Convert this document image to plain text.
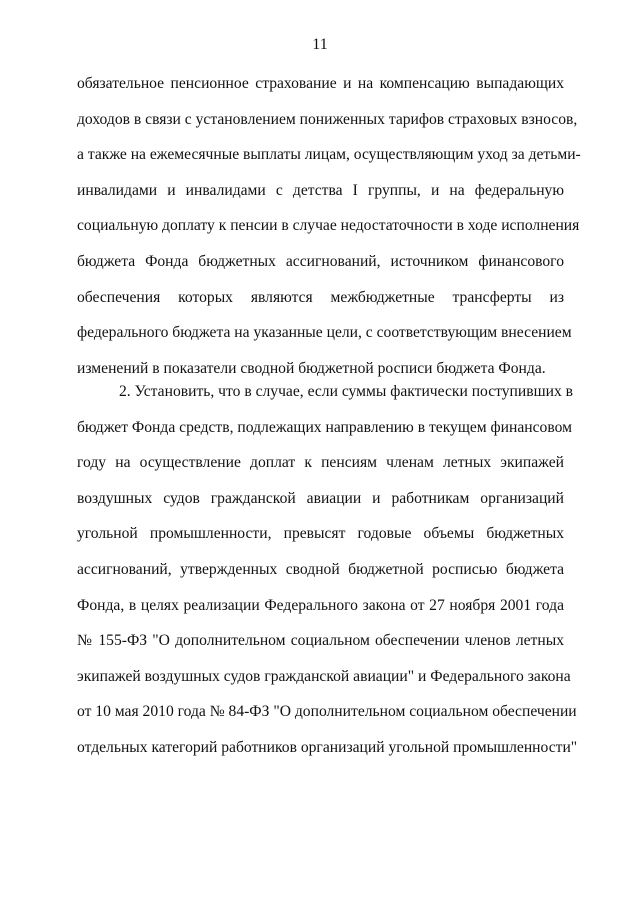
11
обязательное пенсионное страхование и на компенсацию выпадающих
доходов в связи с установлением пониженных тарифов страховых взносов,
а также на ежемесячные выплаты лицам, осуществляющим уход за детьми-
инвалидами и инвалидами с детства I группы, и на федеральную
социальную доплату к пенсии в случае недостаточности в ходе исполнения
бюджета Фонда бюджетных ассигнований, источником финансового
обеспечения которых являются межбюджетные трансферты из
федерального бюджета на указанные цели, с соответствующим внесением
изменений в показатели сводной бюджетной росписи бюджета Фонда.
2. Установить, что в случае, если суммы фактически поступивших в
бюджет Фонда средств, подлежащих направлению в текущем финансовом
году на осуществление доплат к пенсиям членам летных экипажей
воздушных судов гражданской авиации и работникам организаций
угольной промышленности, превысят годовые объемы бюджетных
ассигнований, утвержденных сводной бюджетной росписью бюджета
Фонда, в целях реализации Федерального закона от 27 ноября 2001 года
№ 155-ФЗ "О дополнительном социальном обеспечении членов летных
экипажей воздушных судов гражданской авиации" и Федерального закона
от 10 мая 2010 года № 84-ФЗ "О дополнительном социальном обеспечении
отдельных категорий работников организаций угольной промышленности"
